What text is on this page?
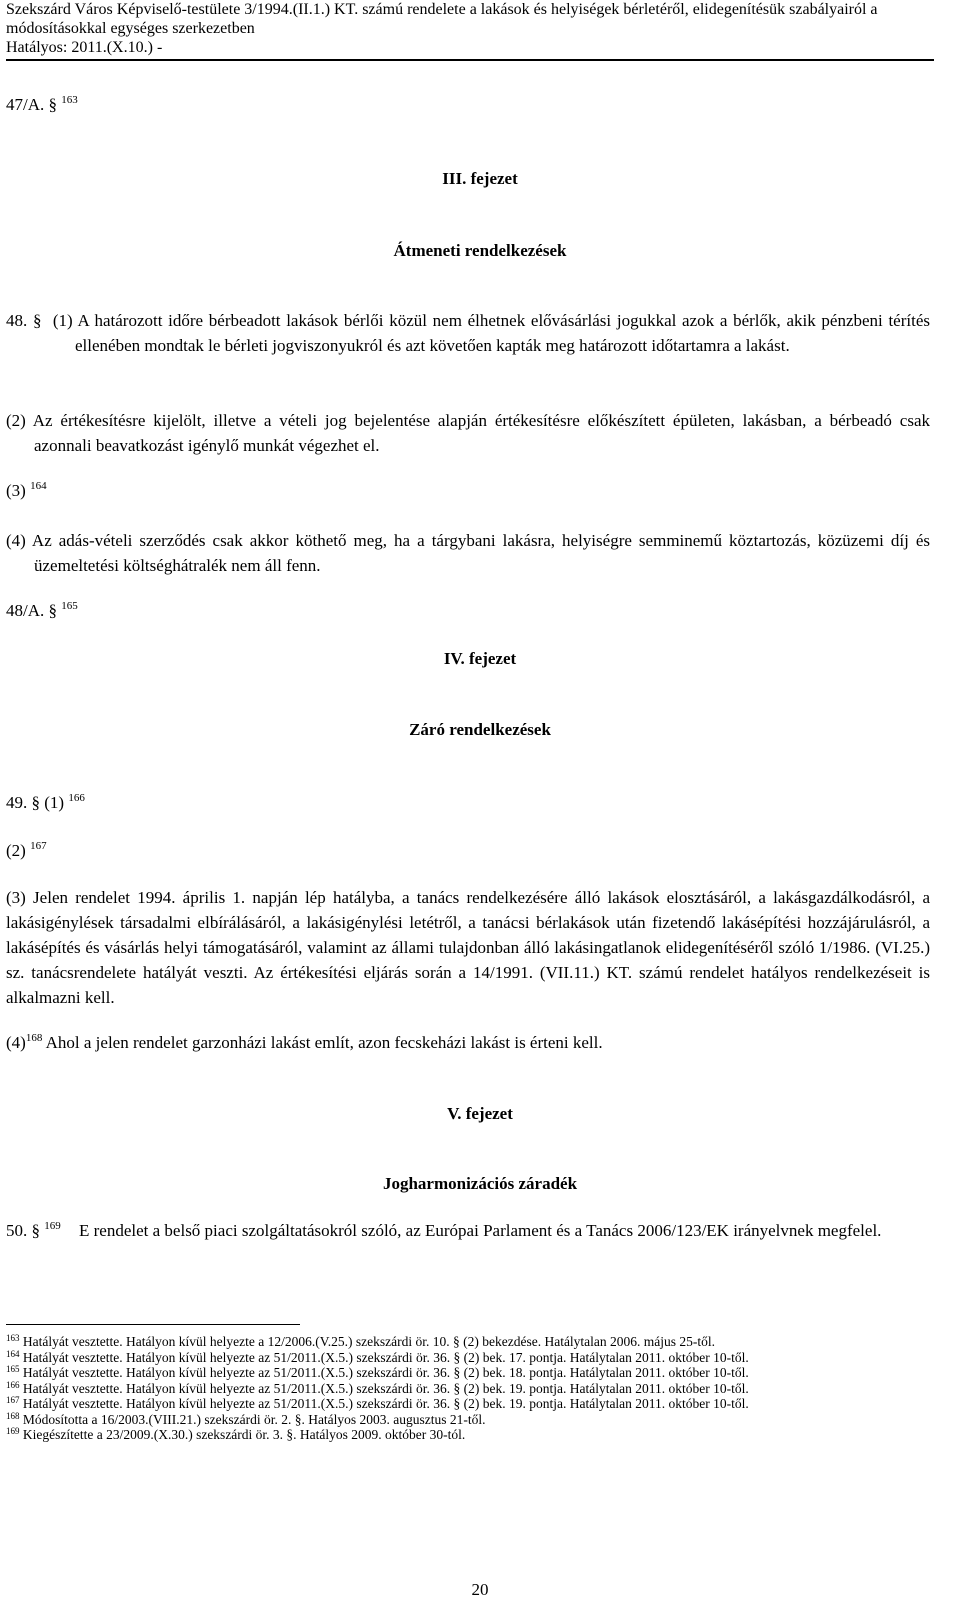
Szekszárd Város Képviselő-testülete 3/1994.(II.1.) KT. számú rendelete a lakások és helyiségek bérletéről, elidegenítésük szabályairól a
módosításokkal egységes szerkezetben
Hatályos: 2011.(X.10.) -
47/A. § $^{163}$
III. fejezet
Átmeneti rendelkezések
48. § (1) A határozott időre bérbeadott lakások bérlői közül nem élhetnek elővásárlási jogukkal azok a bérlők, akik pénzbeni térítés ellenében mondtak le bérleti jogviszonyukról és azt követően kapták meg határozott időtartamra a lakást.
(2) Az értékesítésre kijelölt, illetve a vételi jog bejelentése alapján értékesítésre előkészített épületen, lakásban, a bérbeadó csak azonnali beavatkozást igénylő munkát végezhet el.
(3) $^{164}$
(4) Az adás-vételi szerződés csak akkor köthető meg, ha a tárgybani lakásra, helyiségre semminemű köztartozás, közüzemi díj és üzemeltetési költséghátralék nem áll fenn.
48/A. § $^{165}$
IV. fejezet
Záró rendelkezések
49. § (1) $^{166}$
(2) $^{167}$
(3) Jelen rendelet 1994. április 1. napján lép hatályba, a tanács rendelkezésére álló lakások elosztásáról, a lakásgazdálkodásról, a lakásigénylések társadalmi elbírálásáról, a lakásigénylési letétről, a tanácsi bérlakások után fizetendő lakásépítési hozzájárulásról, a lakásépítés és vásárlás helyi támogatásáról, valamint az állami tulajdonban álló lakásingatlanok elidegenítéséről szóló 1/1986. (VI.25.) sz. tanácsrendelete hatályát veszti. Az értékesítési eljárás során a 14/1991. (VII.11.) KT. számú rendelet hatályos rendelkezéseit is alkalmazni kell.
$(4)^{168}$ Ahol a jelen rendelet garzonházi lakást említ, azon fecskeházi lakást is érteni kell.
V. fejezet
Jogharmonizációs záradék
50. § $^{169}$ E rendelet a belső piaci szolgáltatásokról szóló, az Európai Parlament és a Tanács 2006/123/EK irányelvnek megfelel.
$^{163}$ Hatályát vesztette. Hatályon kívül helyezte a 12/2006.(V.25.) szekszárdi ör. 10. § (2) bekezdése. Hatálytalan 2006. május 25-től.
$^{164}$ Hatályát vesztette. Hatályon kívül helyezte az 51/2011.(X.5.) szekszárdi ör. 36. § (2) bek. 17. pontja. Hatálytalan 2011. október 10-től.
$^{165}$ Hatályát vesztette. Hatályon kívül helyezte az 51/2011.(X.5.) szekszárdi ör. 36. § (2) bek. 18. pontja. Hatálytalan 2011. október 10-től.
$^{166}$ Hatályát vesztette. Hatályon kívül helyezte az 51/2011.(X.5.) szekszárdi ör. 36. § (2) bek. 19. pontja. Hatálytalan 2011. október 10-től.
$^{167}$ Hatályát vesztette. Hatályon kívül helyezte az 51/2011.(X.5.) szekszárdi ör. 36. § (2) bek. 19. pontja. Hatálytalan 2011. október 10-től.
$^{168}$ Módosította a 16/2003.(VIII.21.) szekszárdi ör. 2. §. Hatályos 2003. augusztus 21-től.
$^{169}$ Kiegészítette a 23/2009.(X.30.) szekszárdi ör. 3. §. Hatályos 2009. október 30-tól.
20
